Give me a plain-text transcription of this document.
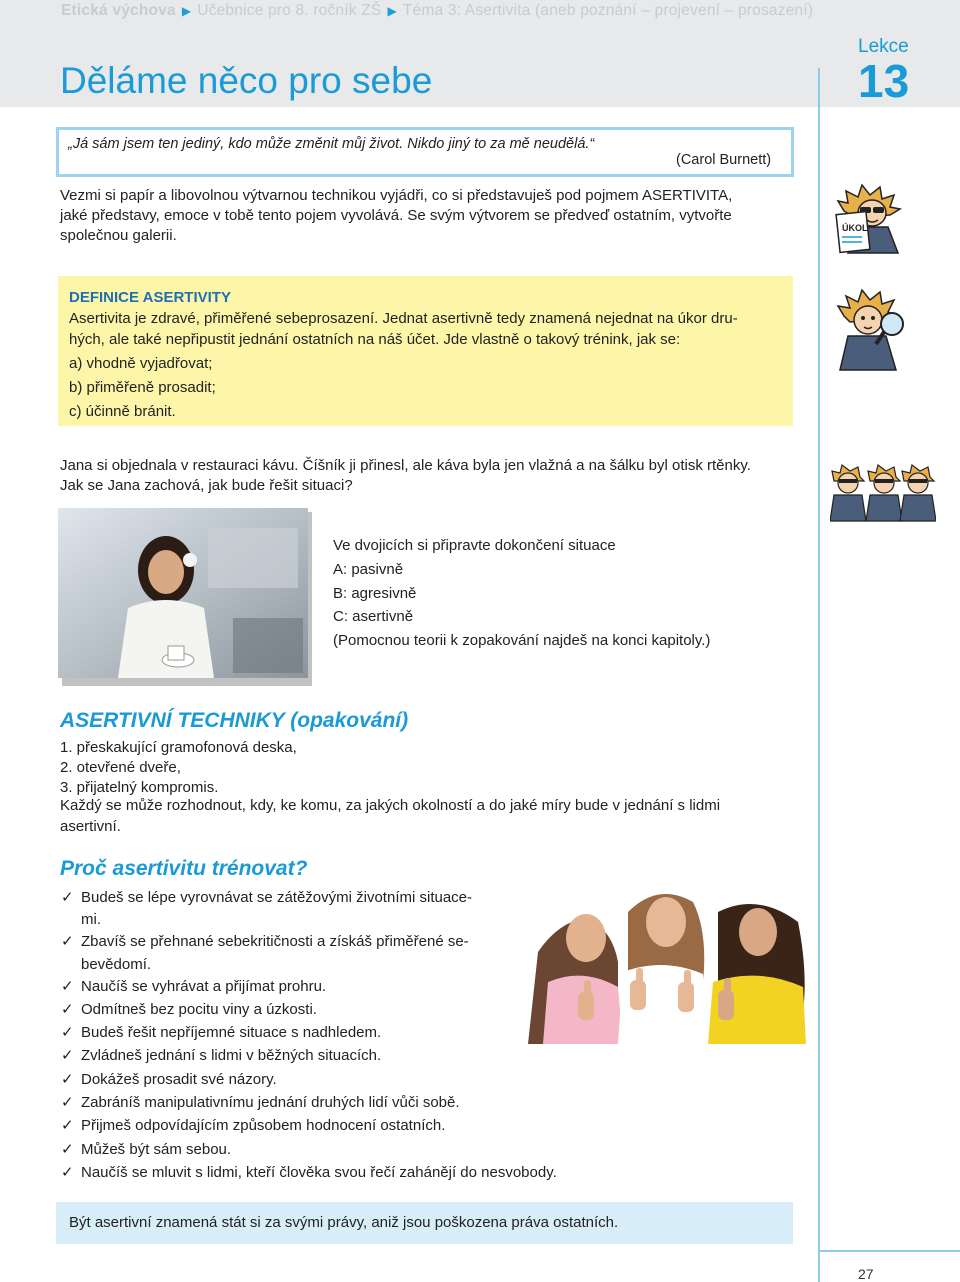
Etická výchova ▶ Učebnice pro 8. ročník ZŠ ▶ Téma 3: Asertivita (aneb poznání – projevení – prosazení)
Děláme něco pro sebe
Lekce
13
„Já sám jsem ten jediný, kdo může změnit můj život. Nikdo jiný to za mě neudělá.“
(Carol Burnett)
Vezmi si papír a libovolnou výtvarnou technikou vyjádři, co si představuješ pod pojmem ASERTIVITA,
jaké představy, emoce v tobě tento pojem vyvolává. Se svým výtvorem se předveď ostatním, vytvořte
společnou galerii.	ÚKOL
DEFINICE ASERTIVITY
Asertivita je zdravé, přiměřené sebeprosazení. Jednat asertivně tedy znamená nejednat na úkor dru-
hých, ale také nepřipustit jednání ostatních na náš účet. Jde vlastně o takový trénink, jak se:
a) vhodně vyjadřovat;
b) přiměřeně prosadit;
c) účinně bránit.
Jana si objednala v restauraci kávu. Číšník ji přinesl, ale káva byla jen vlažná a na šálku byl otisk rtěnky.
Jak se Jana zachová, jak bude řešit situaci?
Ve dvojicích si připravte dokončení situace
A: pasivně
B: agresivně
C: asertivně
(Pomocnou teorii k zopakování najdeš na konci kapitoly.)
ASERTIVNÍ TECHNIKY (opakování)
1. přeskakující gramofonová deska,
2. otevřené dveře,
3. přijatelný kompromis.
Každý se může rozhodnout, kdy, ke komu, za jakých okolností a do jaké míry bude v jednání s lidmi
asertivní.
Proč asertivitu trénovat?
✓ Budeš se lépe vyrovnávat se zátěžovými životními situace-
mi.
✓ Zbavíš se přehnané sebekritičnosti a získáš přiměřené se-
bevědomí.
✓ Naučíš se vyhrávat a přijímat prohru.
✓ Odmítneš bez pocitu viny a úzkosti.
✓ Budeš řešit nepříjemné situace s nadhledem.
✓ Zvládneš jednání s lidmi v běžných situacích.
✓ Dokážeš prosadit své názory.
✓ Zabráníš manipulativnímu jednání druhých lidí vůči sobě.
✓ Přijmeš odpovídajícím způsobem hodnocení ostatních.
✓ Můžeš být sám sebou.
✓ Naučíš se mluvit s lidmi, kteří člověka svou řečí zahánějí do nesvobody.
Být asertivní znamená stát si za svými právy, aniž jsou poškozena práva ostatních.
27
